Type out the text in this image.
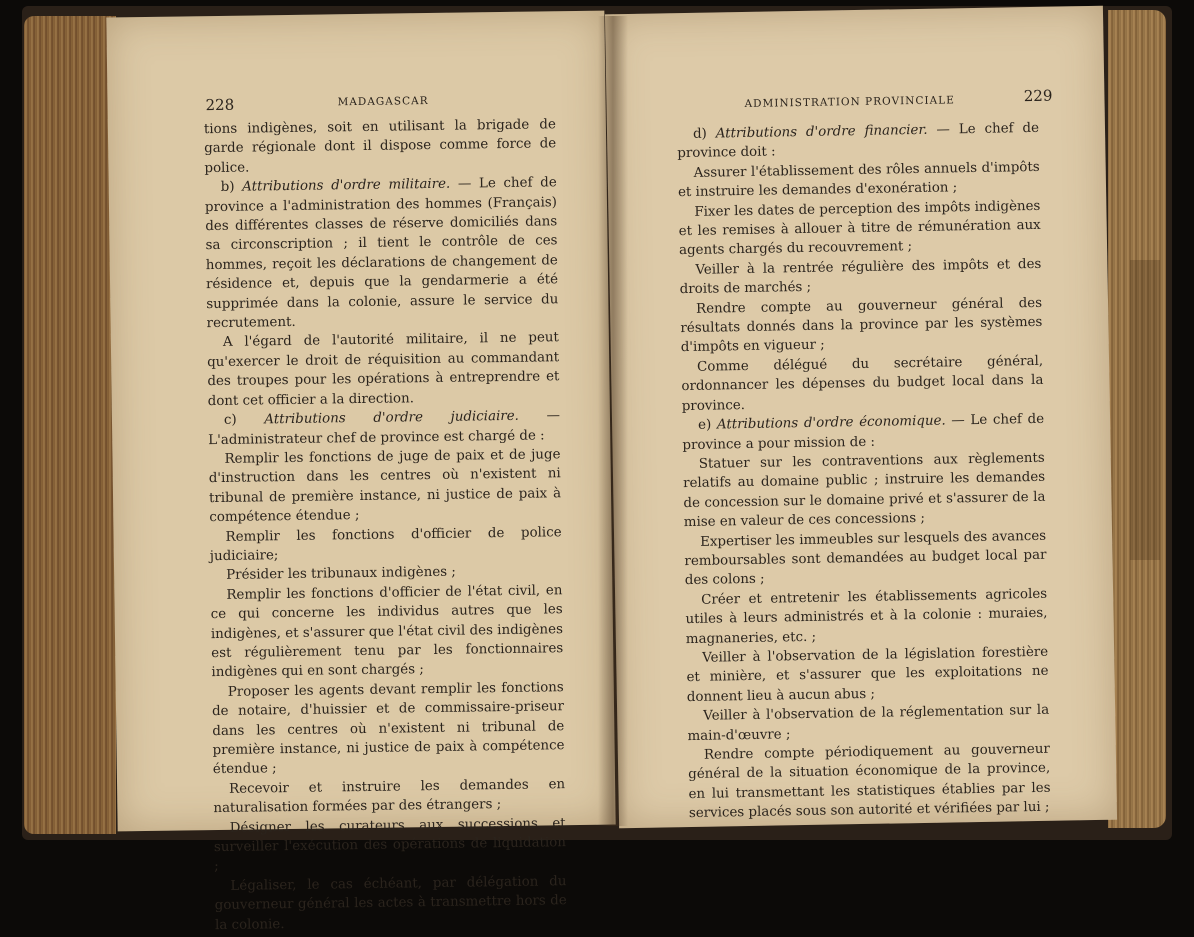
228	MADAGASCAR

tions indigènes, soit en utilisant la brigade de garde régionale dont il dispose comme force de police.

b) Attributions d'ordre militaire. — Le chef de province a l'administration des hommes (Français) des différentes classes de réserve domiciliés dans sa circonscription ; il tient le contrôle de ces hommes, reçoit les déclarations de changement de résidence et, depuis que la gendarmerie a été supprimée dans la colonie, assure le service du recrutement.

A l'égard de l'autorité militaire, il ne peut qu'exercer le droit de réquisition au commandant des troupes pour les opérations à entreprendre et dont cet officier a la direction.

c) Attributions d'ordre judiciaire. — L'administrateur chef de province est chargé de :

Remplir les fonctions de juge de paix et de juge d'instruction dans les centres où n'existent ni tribunal de première instance, ni justice de paix à compétence étendue ;

Remplir les fonctions d'officier de police judiciaire;

Présider les tribunaux indigènes ;

Remplir les fonctions d'officier de l'état civil, en ce qui concerne les individus autres que les indigènes, et s'assurer que l'état civil des indigènes est régulièrement tenu par les fonctionnaires indigènes qui en sont chargés ;

Proposer les agents devant remplir les fonctions de notaire, d'huissier et de commissaire-priseur dans les centres où n'existent ni tribunal de première instance, ni justice de paix à compétence étendue ;

Recevoir et instruire les demandes en naturalisation formées par des étrangers ;

Désigner les curateurs aux successions et surveiller l'exécution des opérations de liquidation ;

Légaliser, le cas échéant, par délégation du gouverneur général les actes à transmettre hors de la colonie.

ADMINISTRATION PROVINCIALE	229

d) Attributions d'ordre financier. — Le chef de province doit :

Assurer l'établissement des rôles annuels d'impôts et instruire les demandes d'exonération ;

Fixer les dates de perception des impôts indigènes et les remises à allouer à titre de rémunération aux agents chargés du recouvrement ;

Veiller à la rentrée régulière des impôts et des droits de marchés ;

Rendre compte au gouverneur général des résultats donnés dans la province par les systèmes d'impôts en vigueur ;

Comme délégué du secrétaire général, ordonnancer les dépenses du budget local dans la province.

e) Attributions d'ordre économique. — Le chef de province a pour mission de :

Statuer sur les contraventions aux règlements relatifs au domaine public ; instruire les demandes de concession sur le domaine privé et s'assurer de la mise en valeur de ces concessions ;

Expertiser les immeubles sur lesquels des avances remboursables sont demandées au budget local par des colons ;

Créer et entretenir les établissements agricoles utiles à leurs administrés et à la colonie : muraies, magnaneries, etc. ;

Veiller à l'observation de la législation forestière et minière, et s'assurer que les exploitations ne donnent lieu à aucun abus ;

Veiller à l'observation de la réglementation sur la main-d'œuvre ;

Rendre compte périodiquement au gouverneur général de la situation économique de la province, en lui transmettant les statistiques établies par les services placés sous son autorité et vérifiées par lui ;
